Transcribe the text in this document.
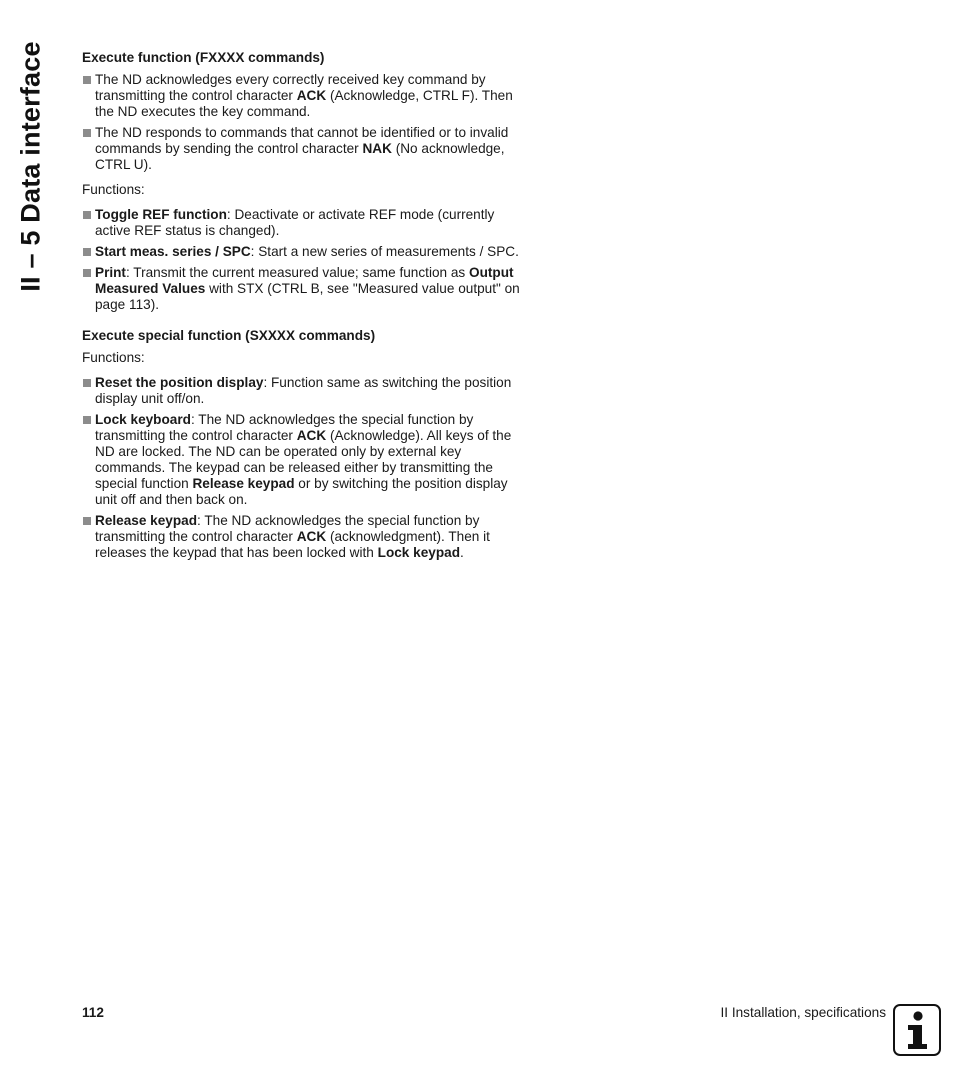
II – 5 Data interface	Execute function (FXXXX commands)
The ND acknowledges every correctly received key command by transmitting the control character ACK (Acknowledge, CTRL F). Then the ND executes the key command.
The ND responds to commands that cannot be identified or to invalid commands by sending the control character NAK (No acknowledge, CTRL U).

Functions:

Toggle REF function: Deactivate or activate REF mode (currently active REF status is changed).
Start meas. series / SPC: Start a new series of measurements / SPC.
Print: Transmit the current measured value; same function as Output Measured Values with STX (CTRL B, see "Measured value output" on page 113).
Execute special function (SXXXX commands)

Functions:

Reset the position display: Function same as switching the position display unit off/on.
Lock keyboard: The ND acknowledges the special function by transmitting the control character ACK (Acknowledge). All keys of the ND are locked. The ND can be operated only by external key commands. The keypad can be released either by transmitting the special function Release keypad or by switching the position display unit off and then back on.
Release keypad: The ND acknowledges the special function by transmitting the control character ACK (acknowledgment). Then it releases the keypad that has been locked with Lock keypad.
112	II Installation, specifications
